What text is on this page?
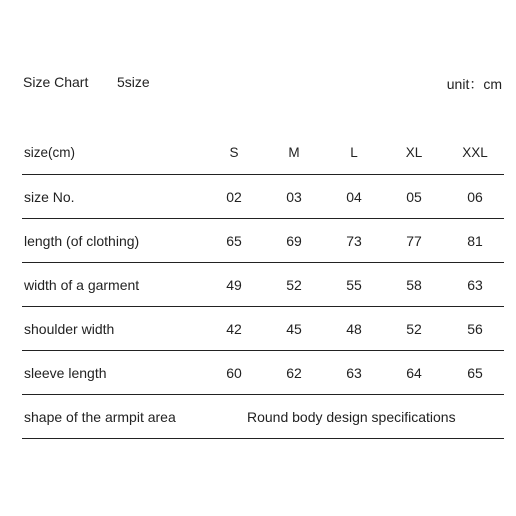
Size Chart 5size	unit：cm
size(cm)	S	M	L	XL	XXL
size No.	02	03	04	05	06
length (of clothing)	65	69	73	77	81
width of a garment	49	52	55	58	63
shoulder width	42	45	48	52	56
sleeve length	60	62	63	64	65
shape of the armpit area	Round body design specifications
